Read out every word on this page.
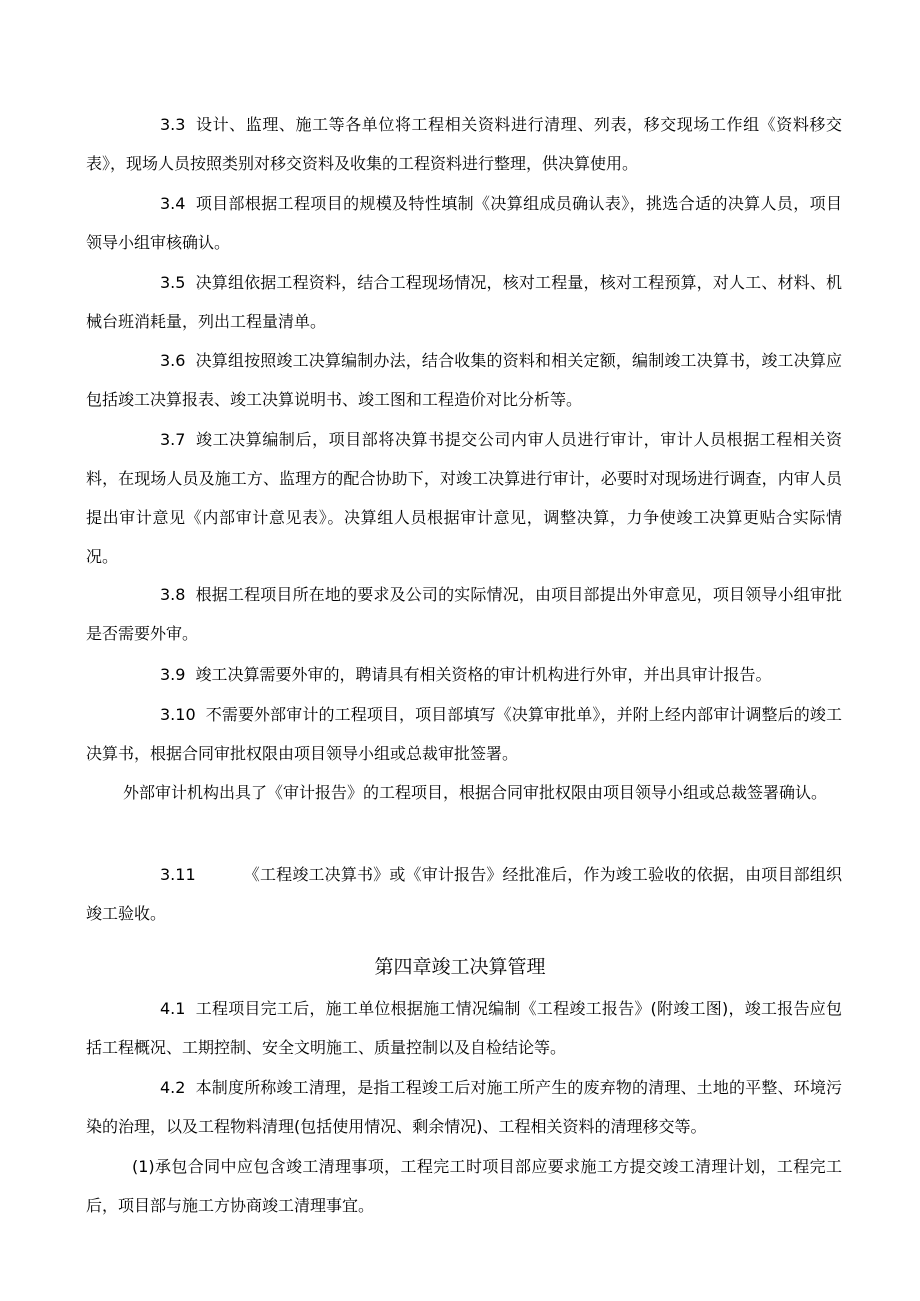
3.3 设计、监理、施工等各单位将工程相关资料进行清理、列表，移交现场工作组《资料移交表》，现场人员按照类别对移交资料及收集的工程资料进行整理，供决算使用。

3.4 项目部根据工程项目的规模及特性填制《决算组成员确认表》，挑选合适的决算人员，项目领导小组审核确认。

3.5 决算组依据工程资料，结合工程现场情况，核对工程量，核对工程预算，对人工、材料、机械台班消耗量，列出工程量清单。

3.6 决算组按照竣工决算编制办法，结合收集的资料和相关定额，编制竣工决算书，竣工决算应包括竣工决算报表、竣工决算说明书、竣工图和工程造价对比分析等。

3.7 竣工决算编制后，项目部将决算书提交公司内审人员进行审计，审计人员根据工程相关资料，在现场人员及施工方、监理方的配合协助下，对竣工决算进行审计，必要时对现场进行调查，内审人员提出审计意见《内部审计意见表》。决算组人员根据审计意见，调整决算，力争使竣工决算更贴合实际情况。

3.8 根据工程项目所在地的要求及公司的实际情况，由项目部提出外审意见，项目领导小组审批是否需要外审。

3.9 竣工决算需要外审的，聘请具有相关资格的审计机构进行外审，并出具审计报告。

3.10 不需要外部审计的工程项目，项目部填写《决算审批单》，并附上经内部审计调整后的竣工决算书，根据合同审批权限由项目领导小组或总裁审批签署。

外部审计机构出具了《审计报告》的工程项目，根据合同审批权限由项目领导小组或总裁签署确认。

3.11	《工程竣工决算书》或《审计报告》经批准后，作为竣工验收的依据，由项目部组织竣工验收。

第四章竣工决算管理

4.1 工程项目完工后，施工单位根据施工情况编制《工程竣工报告》(附竣工图)，竣工报告应包括工程概况、工期控制、安全文明施工、质量控制以及自检结论等。

4.2 本制度所称竣工清理，是指工程竣工后对施工所产生的废弃物的清理、土地的平整、环境污染的治理，以及工程物料清理(包括使用情况、剩余情况)、工程相关资料的清理移交等。

(1)承包合同中应包含竣工清理事项，工程完工时项目部应要求施工方提交竣工清理计划，工程完工后，项目部与施工方协商竣工清理事宜。
